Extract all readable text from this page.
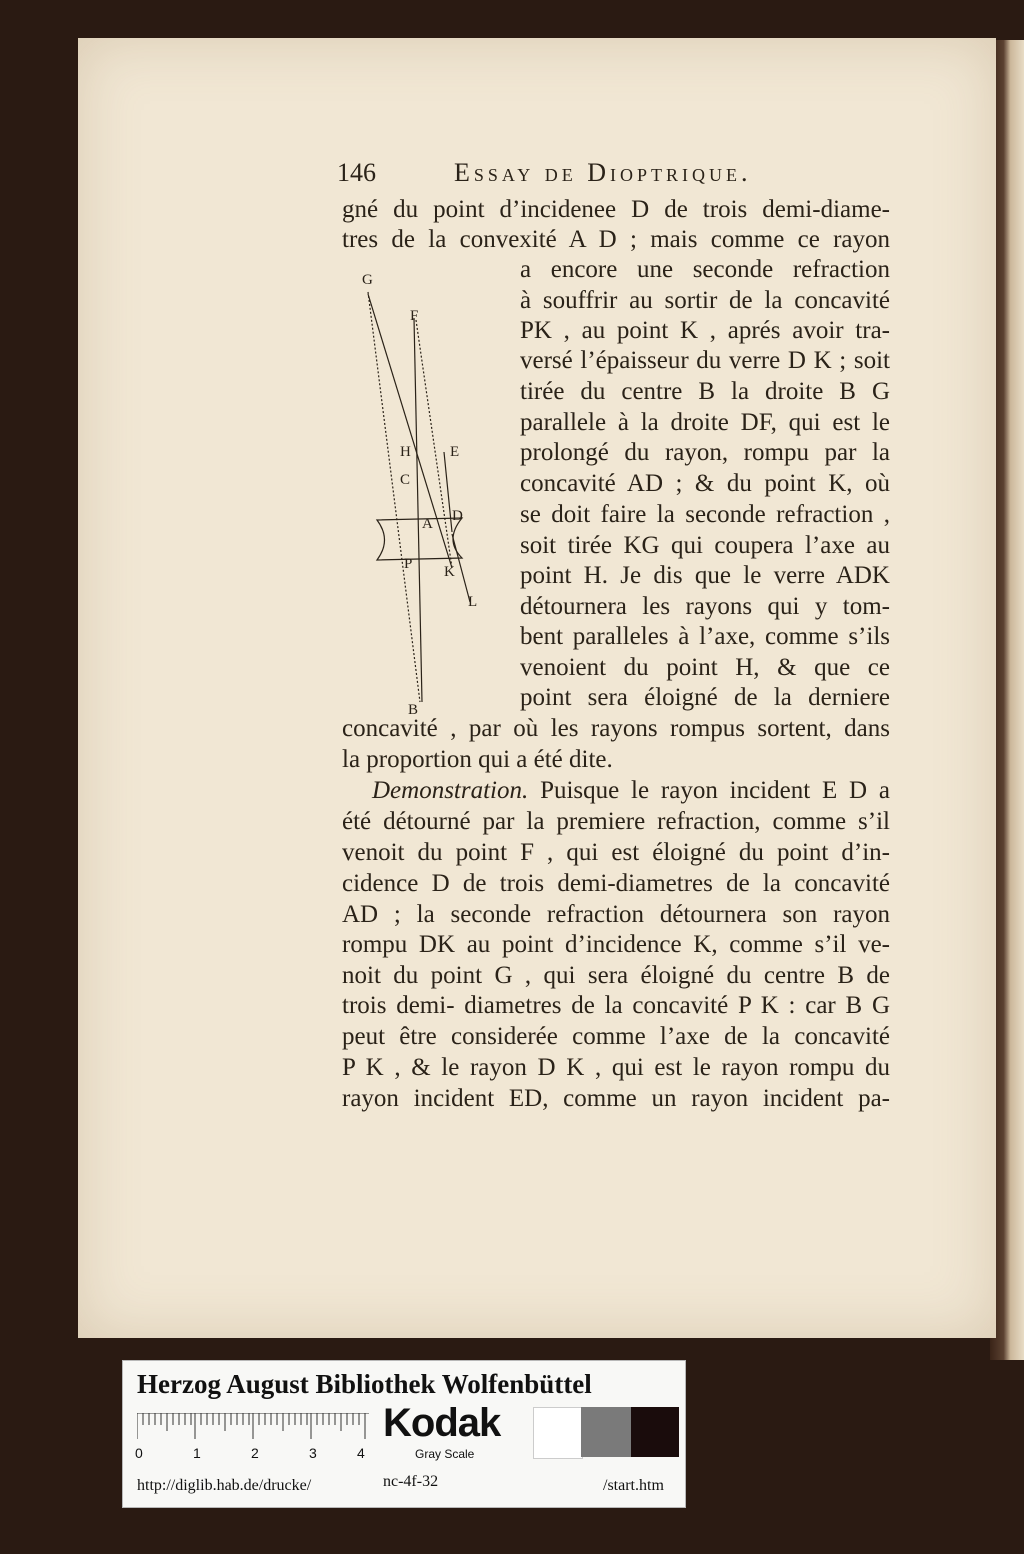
146	Essay de Dioptrique.
gné du point d’incidenee D de trois demi-diame-
tres de la convexité A D ; mais comme ce rayon
a encore une seconde refraction
à souffrir au sortir de la concavité
PK , au point K , aprés avoir tra-
versé l’épaisseur du verre D K ; soit
tirée du centre B la droite B G
parallele à la droite DF, qui est le
prolongé du rayon, rompu par la
concavité AD ; & du point K, où
se doit faire la seconde refraction ,
soit tirée KG qui coupera l’axe au
point H. Je dis que le verre ADK
détournera les rayons qui y tom-
bent paralleles à l’axe, comme s’ils
venoient du point H, & que ce
point sera éloigné de la derniere
concavité , par où les rayons rompus sortent, dans
la proportion qui a été dite.
Demonstration. Puisque le rayon incident E D a
été détourné par la premiere refraction, comme s’il
venoit du point F , qui est éloigné du point d’in-
cidence D de trois demi-diametres de la concavité
AD ; la seconde refraction détournera son rayon
rompu DK au point d’incidence K, comme s’il ve-
noit du point G , qui sera éloigné du centre B de
trois demi- diametres de la concavité P K : car B G
peut être considerée comme l’axe de la concavité
P K , & le rayon D K , qui est le rayon rompu du
rayon incident ED, comme un rayon incident pa-
G
F
H	E
C
A D
P K
L
B
Herzog August Bibliothek Wolfenbüttel
0	1	2	3	4
Kodak
Gray Scale
http://diglib.hab.de/drucke/	nc-4f-32	/start.htm
